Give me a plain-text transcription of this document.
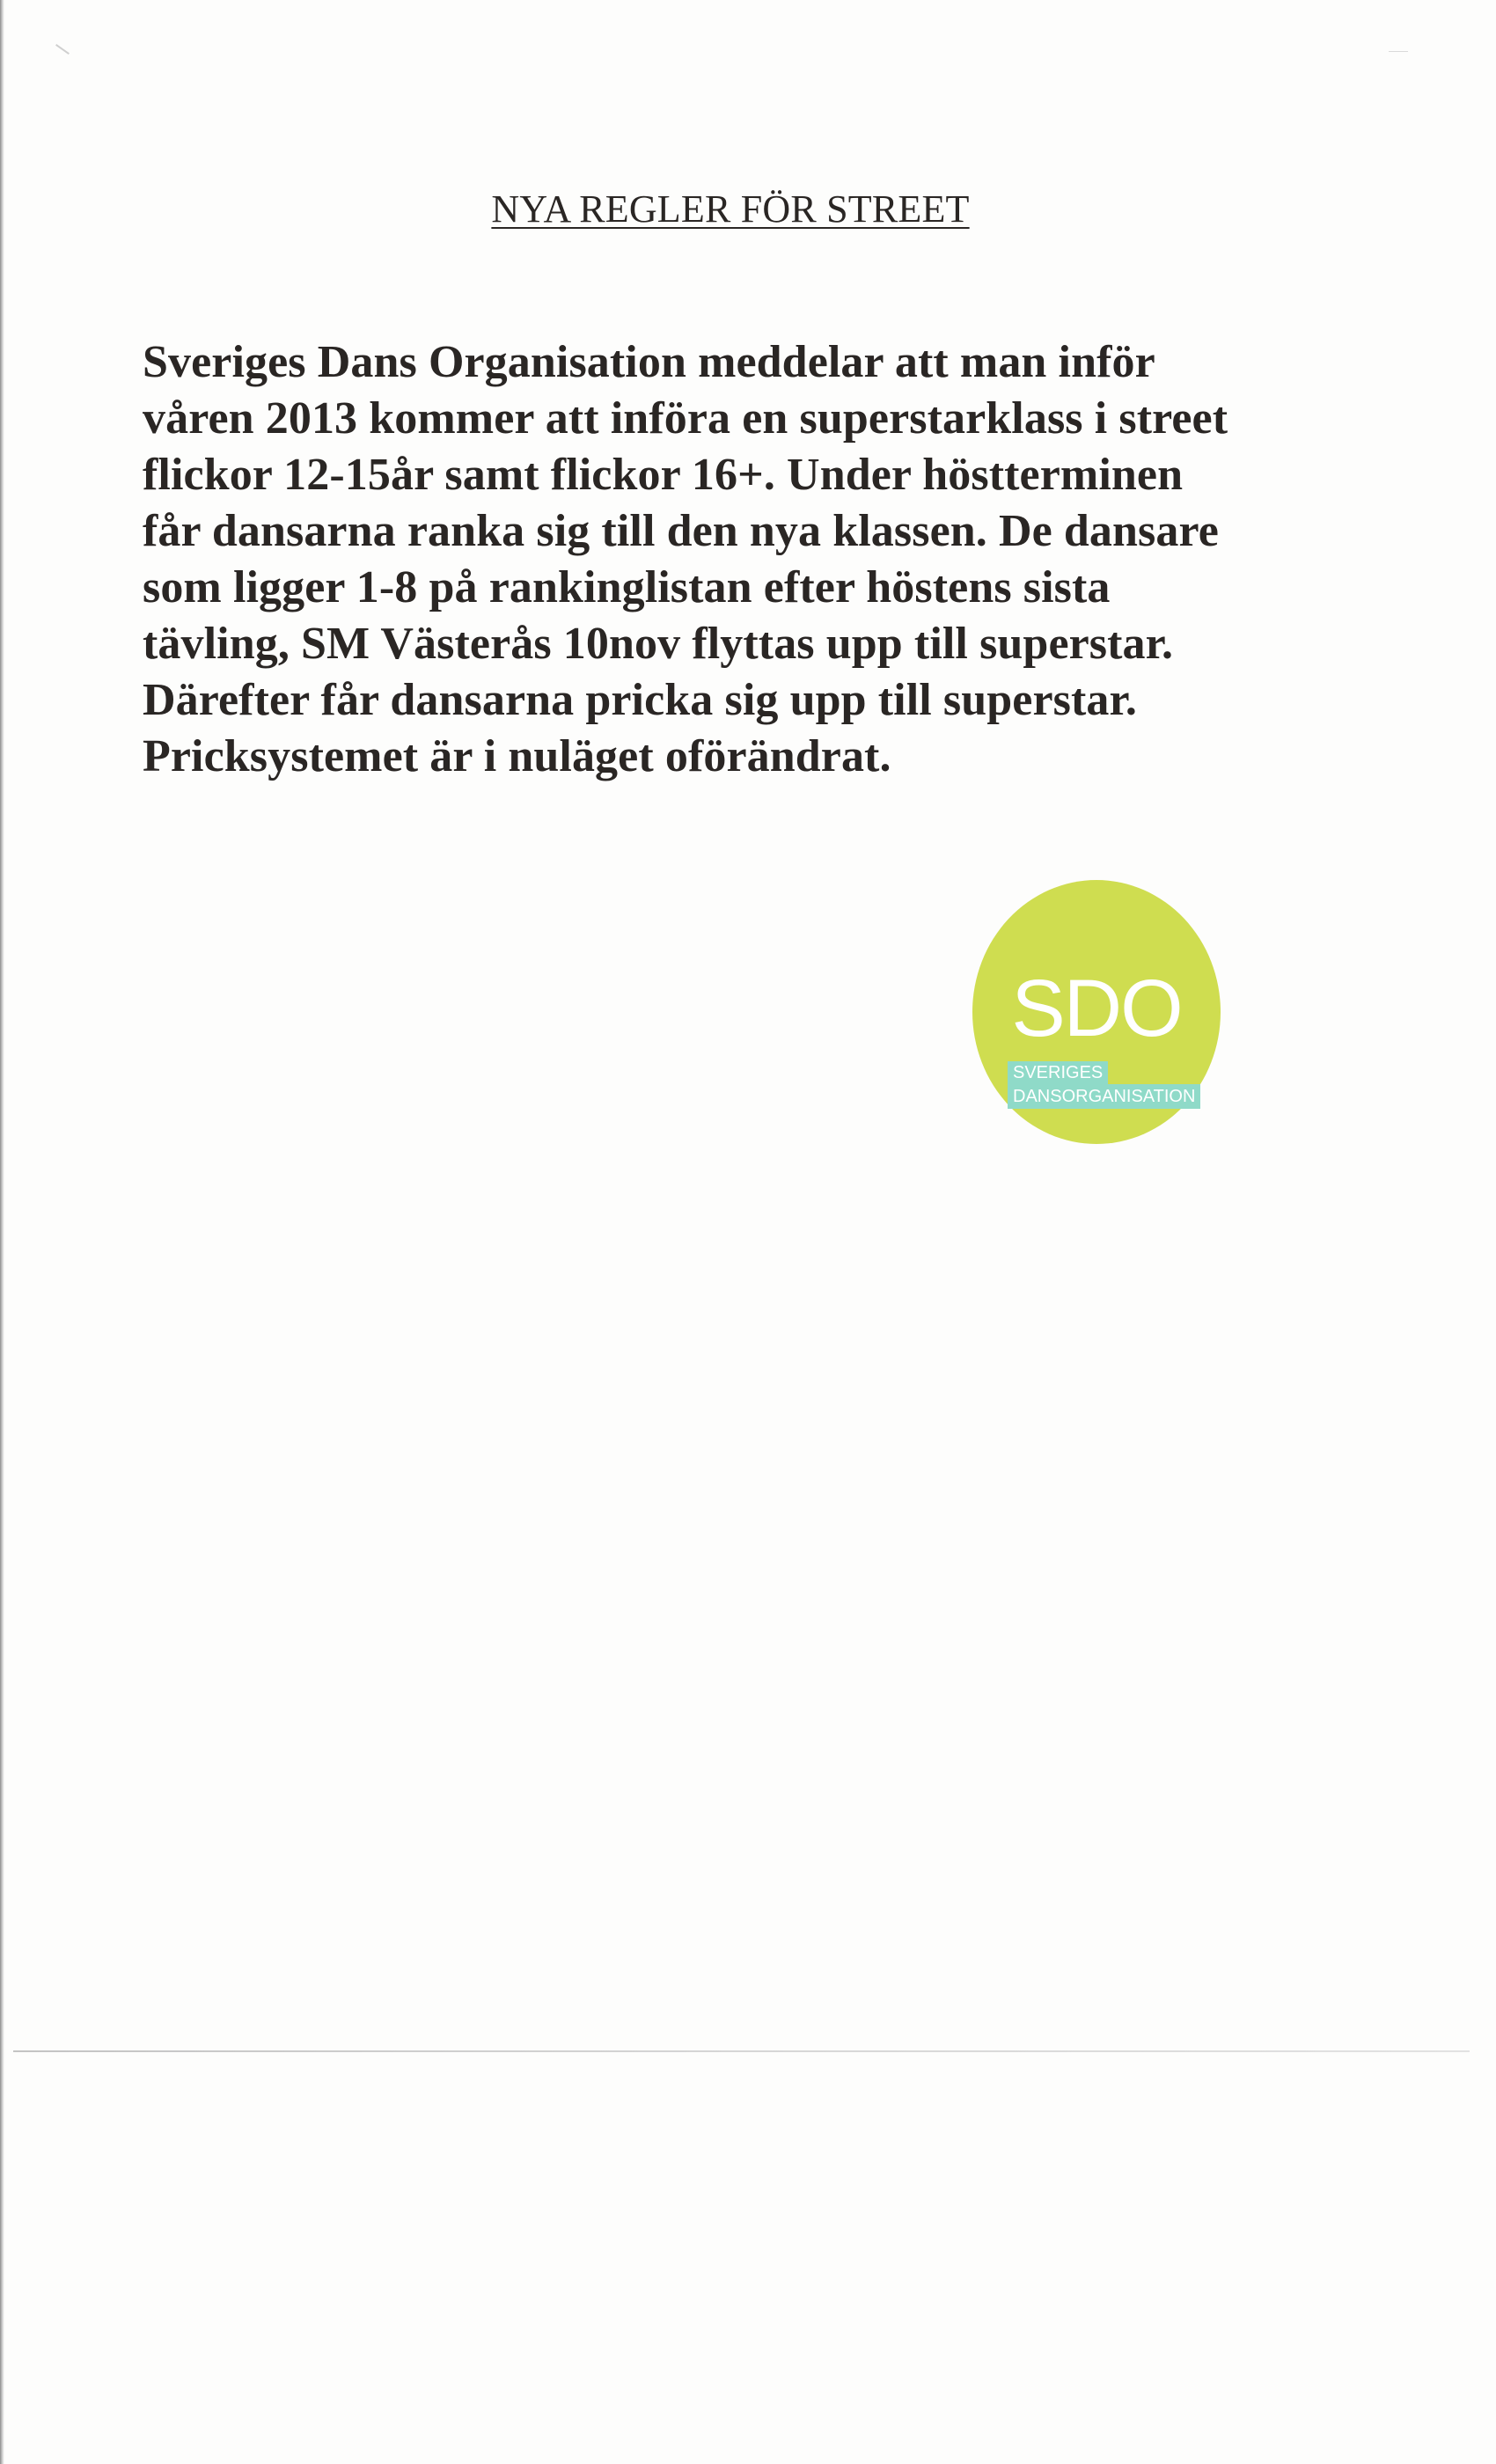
NYA REGLER FÖR STREET

Sveriges Dans Organisation meddelar att man inför
våren 2013 kommer att införa en superstarklass i street
flickor 12-15år samt flickor 16+. Under höstterminen
får dansarna ranka sig till den nya klassen. De dansare
som ligger 1-8 på rankinglistan efter höstens sista
tävling, SM Västerås 10nov flyttas upp till superstar.
Därefter får dansarna pricka sig upp till superstar.
Pricksystemet är i nuläget oförändrat.

SDO
SVERIGES
DANSORGANISATION
